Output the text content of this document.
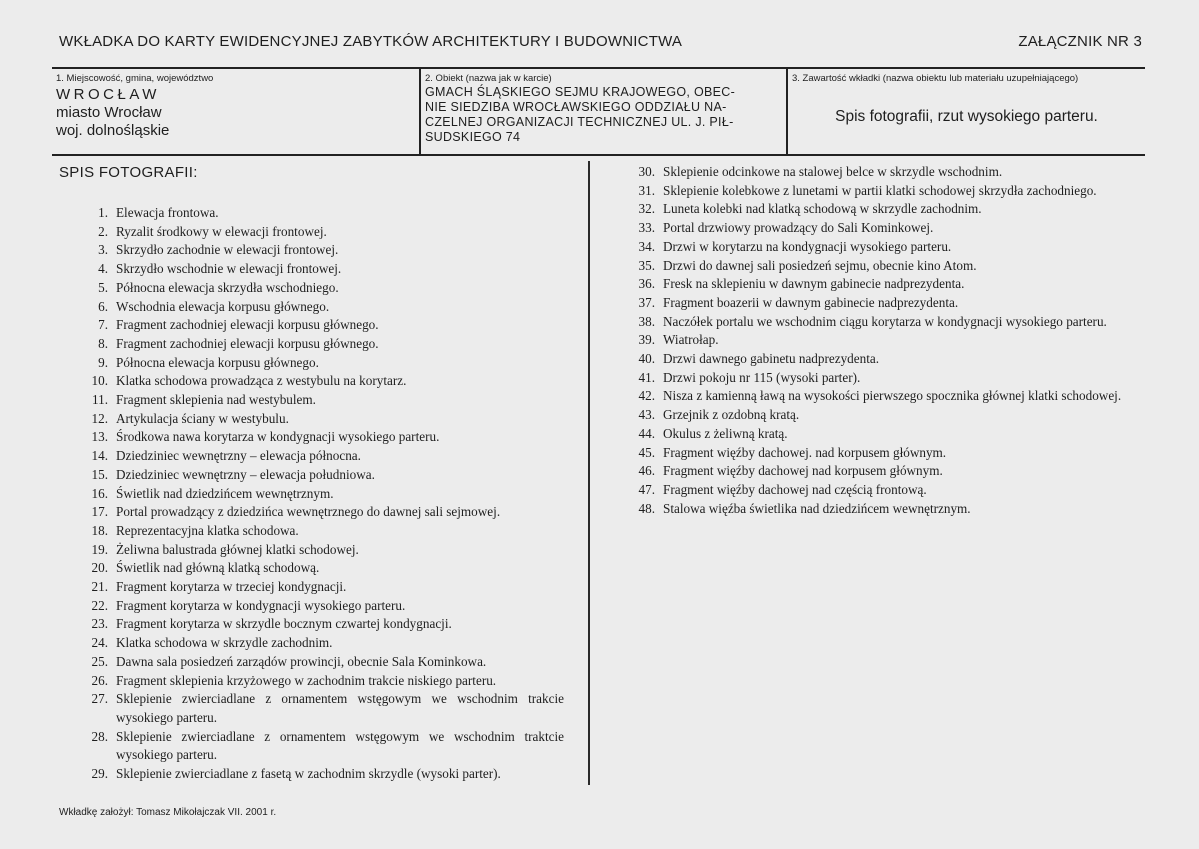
WKŁADKA DO KARTY EWIDENCYJNEJ ZABYTKÓW ARCHITEKTURY I BUDOWNICTWA	ZAŁĄCZNIK NR 3
1. Miejscowość, gmina, województwo
WROCŁAW
miasto Wrocław
woj. dolnośląskie
2. Obiekt (nazwa jak w karcie)
GMACH ŚLĄSKIEGO SEJMU KRAJOWEGO, OBEC-
NIE SIEDZIBA WROCŁAWSKIEGO ODDZIAŁU NA-
CZELNEJ ORGANIZACJI TECHNICZNEJ UL. J. PIŁ-
SUDSKIEGO 74
3. Zawartość wkładki (nazwa obiektu lub materiału uzupełniającego)
Spis fotografii, rzut wysokiego parteru.
SPIS FOTOGRAFII:
1. Elewacja frontowa.
2. Ryzalit środkowy w elewacji frontowej.
3. Skrzydło zachodnie w elewacji frontowej.
4. Skrzydło wschodnie w elewacji frontowej.
5. Północna elewacja skrzydła wschodniego.
6. Wschodnia elewacja korpusu głównego.
7. Fragment zachodniej elewacji korpusu głównego.
8. Fragment zachodniej elewacji korpusu głównego.
9. Północna elewacja korpusu głównego.
10. Klatka schodowa prowadząca z westybulu na korytarz.
11. Fragment sklepienia nad westybulem.
12. Artykulacja ściany w westybulu.
13. Środkowa nawa korytarza w kondygnacji wysokiego parteru.
14. Dziedziniec wewnętrzny – elewacja północna.
15. Dziedziniec wewnętrzny – elewacja południowa.
16. Świetlik nad dziedzińcem wewnętrznym.
17. Portal prowadzący z dziedzińca wewnętrznego do dawnej sali sejmowej.
18. Reprezentacyjna klatka schodowa.
19. Żeliwna balustrada głównej klatki schodowej.
20. Świetlik nad główną klatką schodową.
21. Fragment korytarza w trzeciej kondygnacji.
22. Fragment korytarza w kondygnacji wysokiego parteru.
23. Fragment korytarza w skrzydle bocznym czwartej kondygnacji.
24. Klatka schodowa w skrzydle zachodnim.
25. Dawna sala posiedzeń zarządów prowincji, obecnie Sala Kominkowa.
26. Fragment sklepienia krzyżowego w zachodnim trakcie niskiego parteru.
27. Sklepienie zwierciadlane z ornamentem wstęgowym we wschodnim trakcie wysokiego parteru.
28. Sklepienie zwierciadlane z ornamentem wstęgowym we wschodnim traktcie wysokiego parteru.
29. Sklepienie zwierciadlane z fasetą w zachodnim skrzydle (wysoki parter).
30. Sklepienie odcinkowe na stalowej belce w skrzydle wschodnim.
31. Sklepienie kolebkowe z lunetami w partii klatki schodowej skrzydła zachodniego.
32. Luneta kolebki nad klatką schodową w skrzydle zachodnim.
33. Portal drzwiowy prowadzący do Sali Kominkowej.
34. Drzwi w korytarzu na kondygnacji wysokiego parteru.
35. Drzwi do dawnej sali posiedzeń sejmu, obecnie kino Atom.
36. Fresk na sklepieniu w dawnym gabinecie nadprezydenta.
37. Fragment boazerii w dawnym gabinecie nadprezydenta.
38. Naczółek portalu we wschodnim ciągu korytarza w kondygnacji wysokiego parteru.
39. Wiatrołap.
40. Drzwi dawnego gabinetu nadprezydenta.
41. Drzwi pokoju nr 115 (wysoki parter).
42. Nisza z kamienną ławą na wysokości pierwszego spocznika głównej klatki schodowej.
43. Grzejnik z ozdobną kratą.
44. Okulus z żeliwną kratą.
45. Fragment więźby dachowej. nad korpusem głównym.
46. Fragment więźby dachowej nad korpusem głównym.
47. Fragment więźby dachowej nad częścią frontową.
48. Stalowa więźba świetlika nad dziedzińcem wewnętrznym.
Wkładkę założył: Tomasz Mikołajczak VII. 2001 r.
